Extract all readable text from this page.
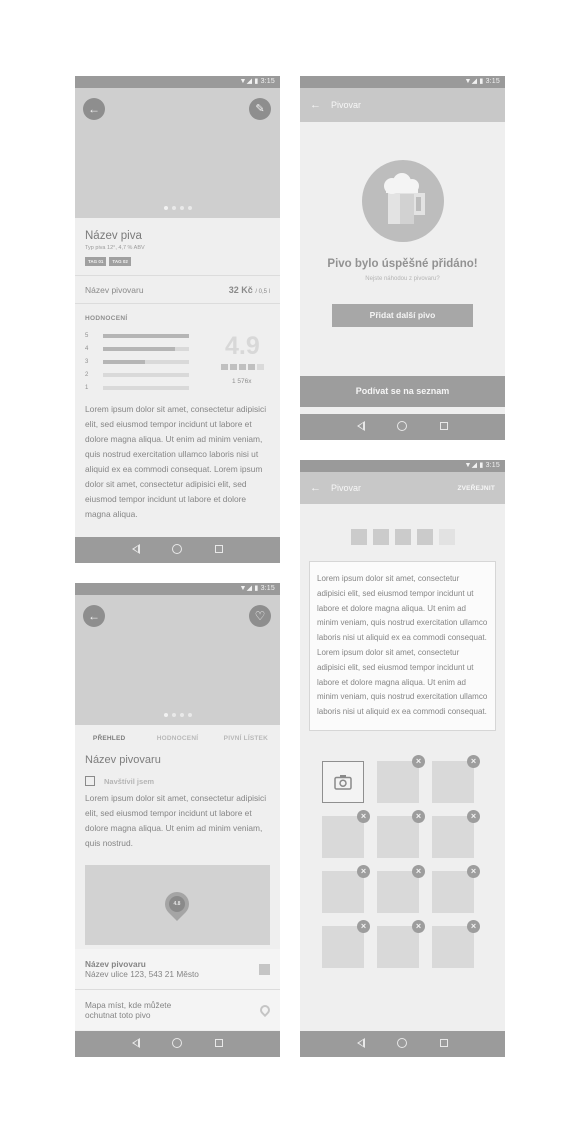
▼◢ ▮ 3:15
←	✎
Název piva
Typ piva 12°, 4,7 % ABV
TAG 01 TAG 02
Název pivovaru	32 Kč / 0,5 l
HODNOCENÍ
5
4
3
2
1
4.9
1 576x
Lorem ipsum dolor sit amet, consectetur adipisici elit, sed eiusmod tempor incidunt ut labore et dolore magna aliqua. Ut enim ad minim veniam, quis nostrud exercitation ullamco laboris nisi ut aliquid ex ea commodi consequat. Lorem ipsum dolor sit amet, consectetur adipisici elit, sed eiusmod tempor incidunt ut labore et dolore magna aliqua.
▼◢ ▮ 3:15
← Pivovar
Pivo bylo úspěšné přidáno!
Nejste náhodou z pivovaru?
Přidat další pivo
Podívat se na seznam
▼◢ ▮ 3:15
←	♡
PŘEHLED	HODNOCENÍ	PIVNÍ LÍSTEK
Název pivovaru
Navštívil jsem
Lorem ipsum dolor sit amet, consectetur adipisici elit, sed eiusmod tempor incidunt ut labore et dolore magna aliqua. Ut enim ad minim veniam, quis nostrud.
4.8
Název pivovaru
Název ulice 123, 543 21 Město
Mapa míst, kde můžete
ochutnat toto pivo
▼◢ ▮ 3:15
← Pivovar	ZVEŘEJNIT
Lorem ipsum dolor sit amet, consectetur adipisici elit, sed eiusmod tempor incidunt ut labore et dolore magna aliqua. Ut enim ad minim veniam, quis nostrud exercitation ullamco laboris nisi ut aliquid ex ea commodi consequat. Lorem ipsum dolor sit amet, consectetur adipisici elit, sed eiusmod tempor incidunt ut labore et dolore magna aliqua. Ut enim ad minim veniam, quis nostrud exercitation ullamco laboris nisi ut aliquid ex ea commodi consequat.
×	×
×	×	×
×	×	×
×	×	×
